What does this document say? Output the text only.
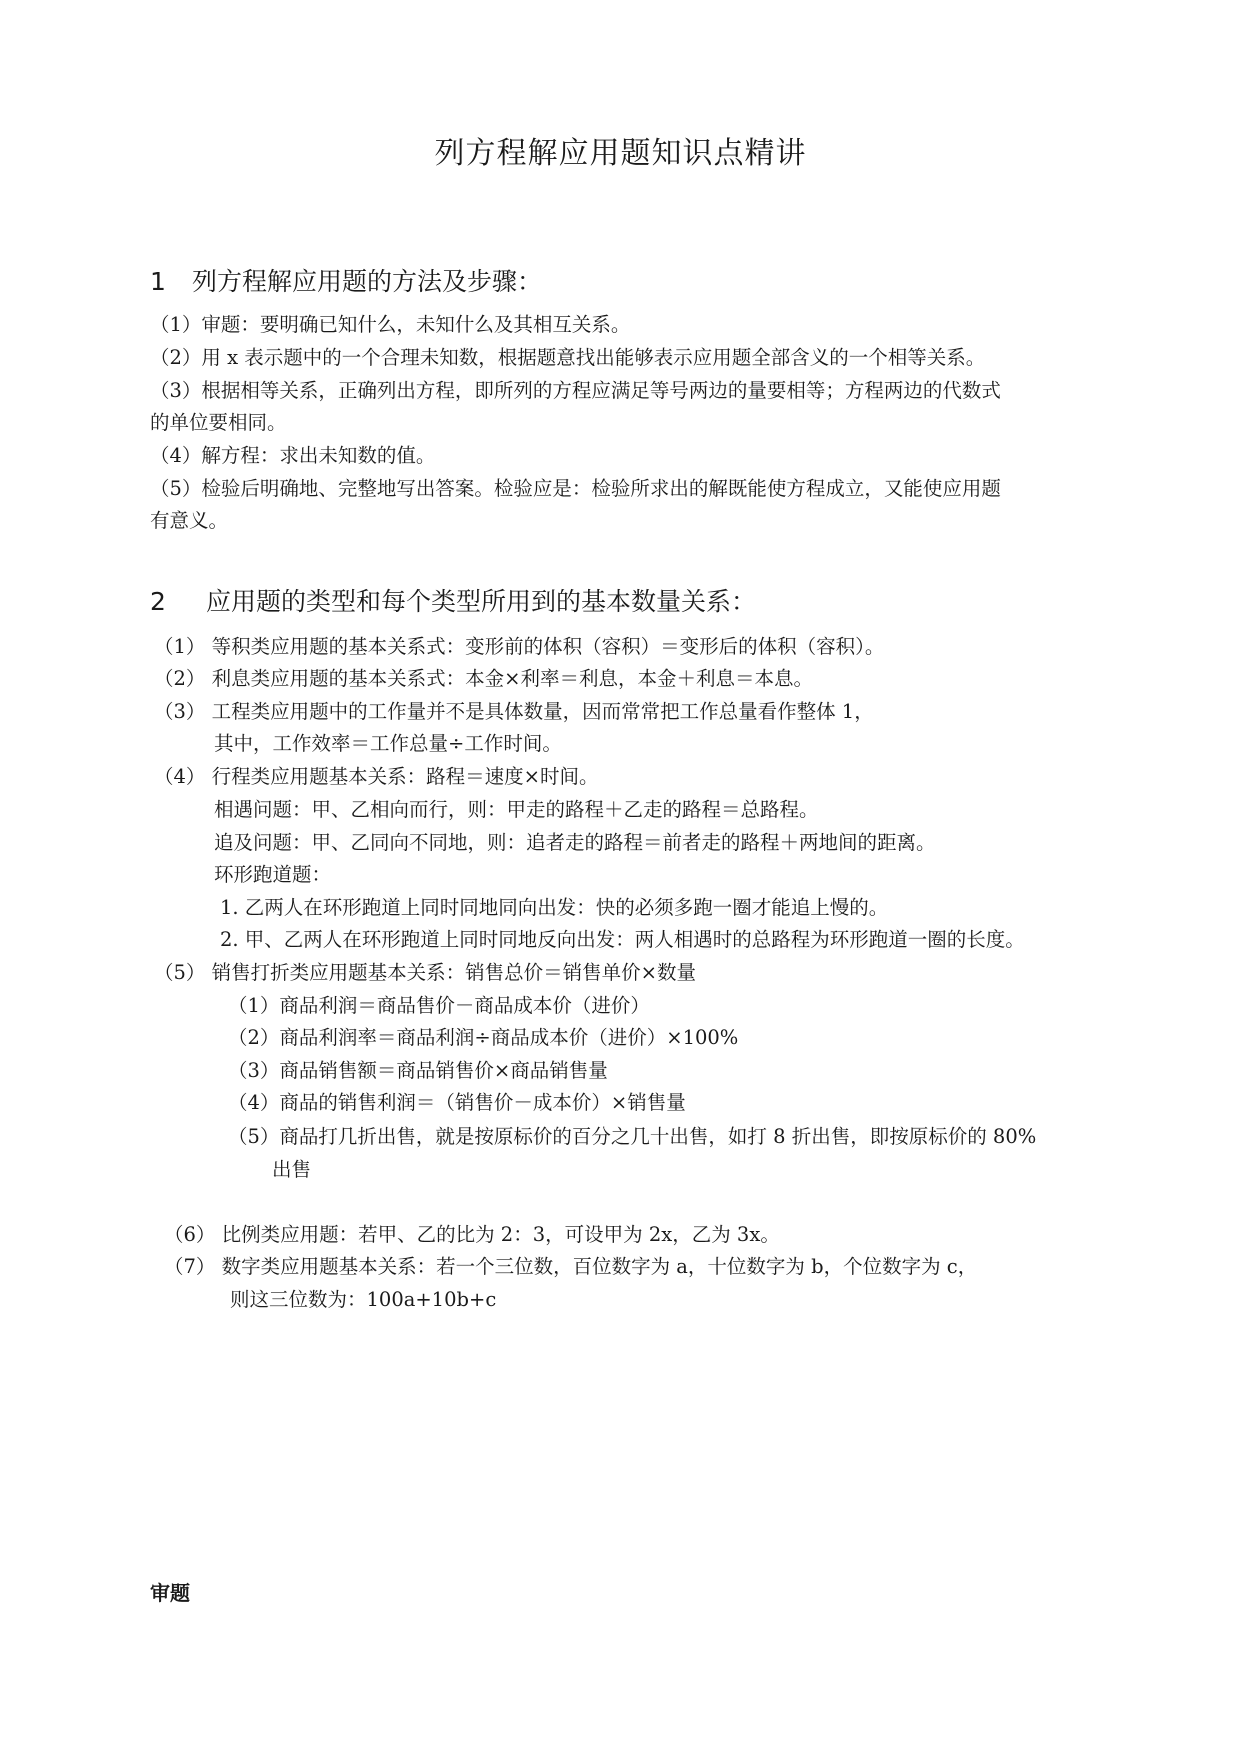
列方程解应用题知识点精讲
1 列方程解应用题的方法及步骤：
（1）审题：要明确已知什么，未知什么及其相互关系。
（2）用 x 表示题中的一个合理未知数，根据题意找出能够表示应用题全部含义的一个相等关系。
（3）根据相等关系，正确列出方程，即所列的方程应满足等号两边的量要相等；方程两边的代数式
的单位要相同。
（4）解方程：求出未知数的值。
（5）检验后明确地、完整地写出答案。检验应是：检验所求出的解既能使方程成立，又能使应用题
有意义。
2 应用题的类型和每个类型所用到的基本数量关系：
（1） 等积类应用题的基本关系式：变形前的体积（容积）＝变形后的体积（容积）。
（2） 利息类应用题的基本关系式：本金×利率＝利息，本金＋利息＝本息。
（3） 工程类应用题中的工作量并不是具体数量，因而常常把工作总量看作整体 1，
其中，工作效率＝工作总量÷工作时间。
（4） 行程类应用题基本关系：路程＝速度×时间。
相遇问题：甲、乙相向而行，则：甲走的路程＋乙走的路程＝总路程。
追及问题：甲、乙同向不同地，则：追者走的路程＝前者走的路程＋两地间的距离。
环形跑道题：
1. 乙两人在环形跑道上同时同地同向出发：快的必须多跑一圈才能追上慢的。
2. 甲、乙两人在环形跑道上同时同地反向出发：两人相遇时的总路程为环形跑道一圈的长度。
（5） 销售打折类应用题基本关系：销售总价＝销售单价×数量
（1）商品利润＝商品售价－商品成本价（进价）
（2）商品利润率＝商品利润÷商品成本价（进价）×100%
（3）商品销售额＝商品销售价×商品销售量
（4）商品的销售利润＝（销售价－成本价）×销售量
（5）商品打几折出售，就是按原标价的百分之几十出售，如打 8 折出售，即按原标价的 80%
出售
（6） 比例类应用题：若甲、乙的比为 2：3，可设甲为 2x，乙为 3x。
（7） 数字类应用题基本关系：若一个三位数，百位数字为 a，十位数字为 b，个位数字为 c，
则这三位数为：100a+10b+c
审题
